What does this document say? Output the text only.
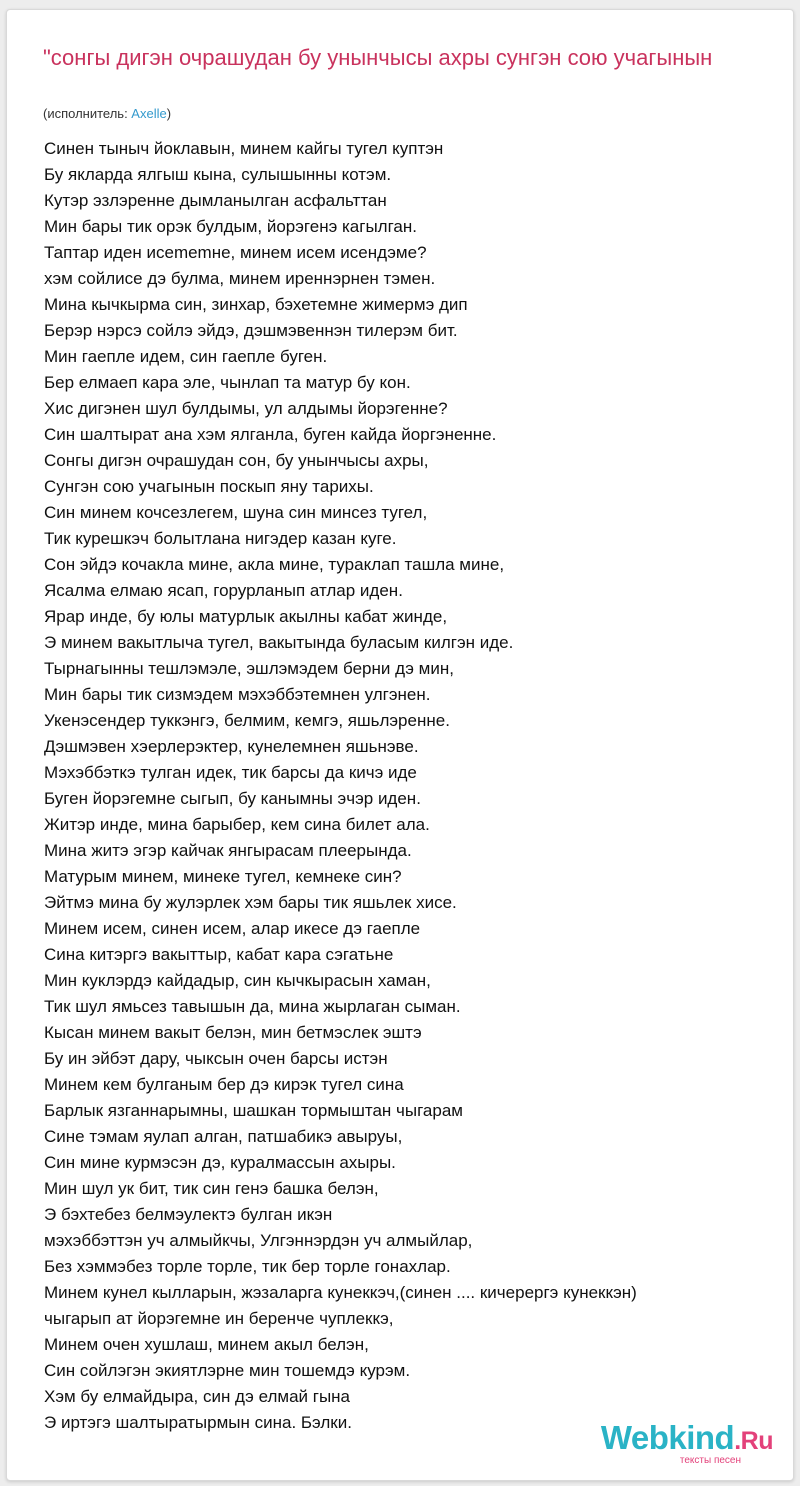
"сонгы дигэн очрашудан бу унынчысы ахры сунгэн сою учагынын
(исполнитель: Axelle)
Синен тыныч йоклавын, минем кайгы тугел куптэн
Бу якларда ялгыш кына, сулышынны котэм.
Кутэр эзлэренне дымланылган асфальттан
Мин бары тик орэк булдым, йорэгенэ кагылган.
Таптар иден исememне, минем исем исендэме?
хэм сойлисе дэ булма, минем иреннэрнен тэмен.
Мина кычкырма син, зинхар, бэхетемне жимермэ дип
Берэр нэрсэ сойлэ эйдэ, дэшмэвеннэн тилерэм бит.
Мин гаепле идем, син гаепле буген.
Бер елмаеп кара эле, чынлап та матур бу кон.
Хис дигэнен шул булдымы, ул алдымы йорэгенне?
Син шалтырат ана хэм ялганла, буген кайда йоргэненне.
Сонгы дигэн очрашудан сон, бу унынчысы ахры,
Сунгэн сою учагынын поскып яну тарихы.
Син минем кочсезлегем, шуна син минсез тугел,
Тик курешкэч болытлана нигэдер казан куге.
Сон эйдэ кочакла мине, акла мине, тураклап ташла мине,
Ясалма елмаю ясап, горурланып атлар иден.
Ярар инде, бу юлы матурлык акылны кабат жинде,
Э минем вакытлыча тугел, вакытында буласым килгэн иде.
Тырнагынны тешлэмэле, эшлэмэдем берни дэ мин,
Мин бары тик сизмэдем мэхэббэтемнен улгэнен.
Укенэсендер туккэнгэ, белмим, кемгэ, яшьлэренне.
Дэшмэвен хэерлерэктер, кунелемнен яшьнэве.
Мэхэббэткэ тулган идек, тик барсы да кичэ иде
Буген йорэгемне сыгып, бу канымны эчэр иден.
Житэр инде, мина барыбер, кем сина билет ала.
Мина житэ эгэр кайчак янгырасам плеерында.
Матурым минем, минеке тугел, кемнеке син?
Эйтмэ мина бу жулэрлек хэм бары тик яшьлек хисе.
Минем исем, синен исем, алар икесе дэ гаепле
Сина китэргэ вакыттыр, кабат кара сэгатьне
Мин куклэрдэ кайдадыр, син кычкырасын хаман,
Тик шул ямьсез тавышын да, мина жырлаган сыман.
Кысан минем вакыт белэн, мин бетмэслек эштэ
Бу ин эйбэт дару, чыксын очен барсы истэн
Минем кем булганым бер дэ кирэк тугел сина
Барлык язганнарымны, шашкан тормыштан чыгарам
Сине тэмам яулап алган, патшабикэ авыруы,
Син мине курмэсэн дэ, куралмассын ахыры.
Мин шул ук бит, тик син генэ башка белэн,
Э бэхтебез белмэулектэ булган икэн
мэхэббэттэн уч алмыйкчы, Улгэннэрдэн уч алмыйлар,
Без хэммэбез торле торле, тик бер торле гонахлар.
Минем кунел кылларын, жэзаларга кунеккэч,(синен .... кичерергэ кунеккэн)
чыгарып ат йорэгемне ин беренче чуплеккэ,
Минем очен хушлаш, минем акыл белэн,
Син сойлэгэн экиятлэрне мин тошемдэ курэм.
Хэм бу елмайдыра, син дэ елмай гына
Э иртэгэ шалтыратырмын сина. Бэлки.	Webkind.Ru
тексты песен
